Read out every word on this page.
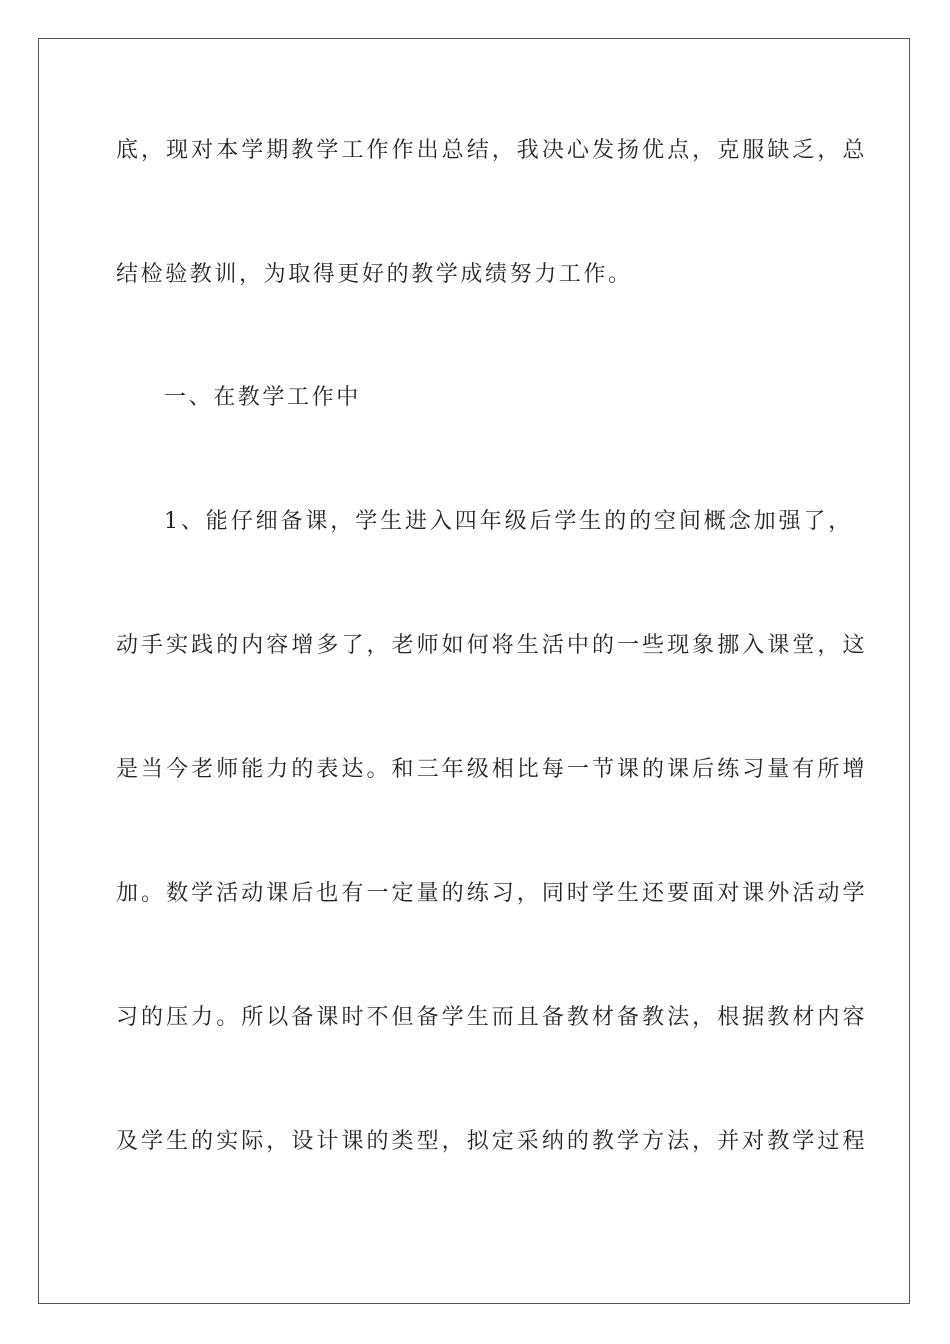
底，现对本学期教学工作作出总结，我决心发扬优点，克服缺乏，总
结检验教训，为取得更好的教学成绩努力工作。
一、在教学工作中
1、能仔细备课，学生进入四年级后学生的的空间概念加强了，
动手实践的内容增多了，老师如何将生活中的一些现象挪入课堂，这
是当今老师能力的表达。和三年级相比每一节课的课后练习量有所增
加。数学活动课后也有一定量的练习，同时学生还要面对课外活动学
习的压力。所以备课时不但备学生而且备教材备教法，根据教材内容
及学生的实际，设计课的类型，拟定采纳的教学方法，并对教学过程
